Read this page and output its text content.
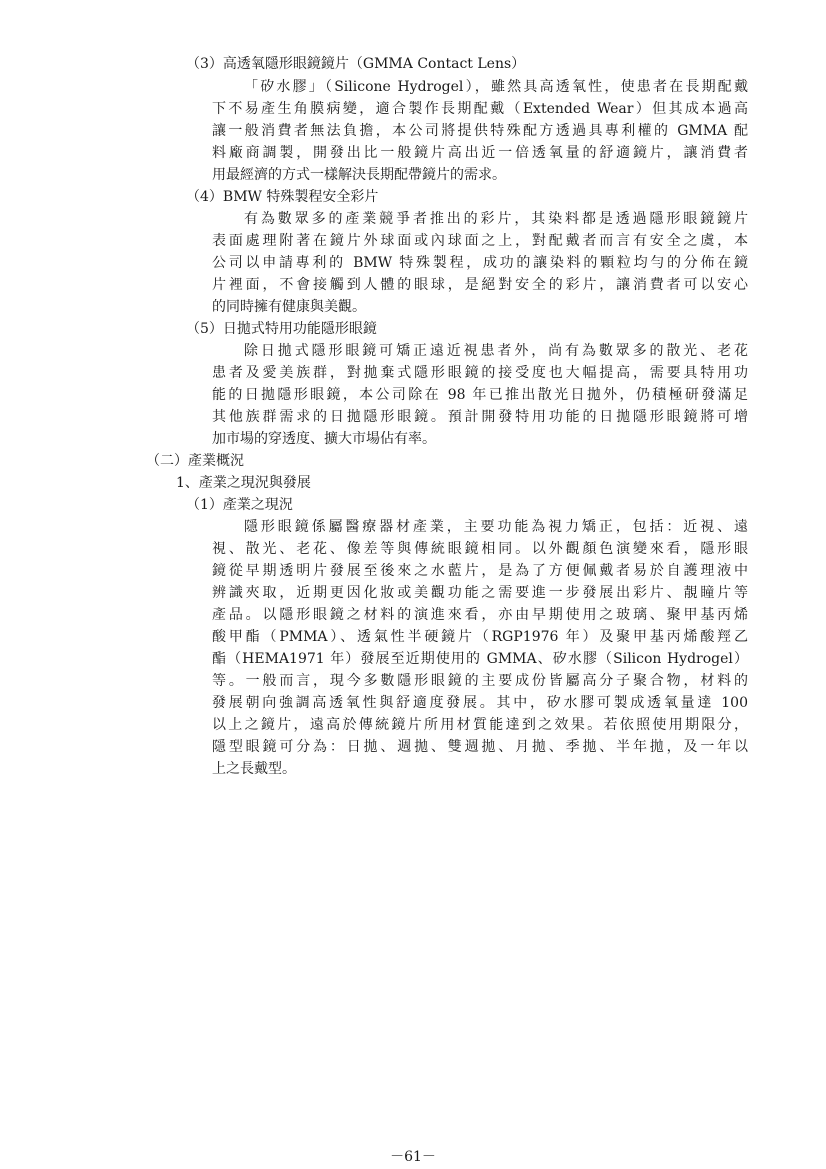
（3）高透氧隱形眼鏡鏡片（GMMA Contact Lens）
「矽水膠」（Silicone Hydrogel），雖然具高透氧性，使患者在長期配戴
下不易產生角膜病變，適合製作長期配戴（Extended Wear）但其成本過高
讓一般消費者無法負擔，本公司將提供特殊配方透過具專利權的 GMMA 配
料廠商調製，開發出比一般鏡片高出近一倍透氧量的舒適鏡片，讓消費者
用最經濟的方式一樣解決長期配帶鏡片的需求。
（4）BMW 特殊製程安全彩片
有為數眾多的產業競爭者推出的彩片，其染料都是透過隱形眼鏡鏡片
表面處理附著在鏡片外球面或內球面之上，對配戴者而言有安全之虞，本
公司以申請專利的 BMW 特殊製程，成功的讓染料的顆粒均勻的分佈在鏡
片裡面，不會接觸到人體的眼球，是絕對安全的彩片，讓消費者可以安心
的同時擁有健康與美觀。
（5）日拋式特用功能隱形眼鏡
除日拋式隱形眼鏡可矯正遠近視患者外，尚有為數眾多的散光、老花
患者及愛美族群，對拋棄式隱形眼鏡的接受度也大幅提高，需要具特用功
能的日拋隱形眼鏡，本公司除在 98 年已推出散光日拋外，仍積極研發滿足
其他族群需求的日拋隱形眼鏡。預計開發特用功能的日拋隱形眼鏡將可增
加市場的穿透度、擴大市場佔有率。
（二）產業概況
1、產業之現況與發展
（1）產業之現況
隱形眼鏡係屬醫療器材產業，主要功能為視力矯正，包括：近視、遠
視、散光、老花、像差等與傳統眼鏡相同。以外觀顏色演變來看，隱形眼
鏡從早期透明片發展至後來之水藍片，是為了方便佩戴者易於自護理液中
辨識夾取，近期更因化妝或美觀功能之需要進一步發展出彩片、靚瞳片等
產品。以隱形眼鏡之材料的演進來看，亦由早期使用之玻璃、聚甲基丙烯
酸甲酯（PMMA）、透氣性半硬鏡片（RGP1976 年）及聚甲基丙烯酸羥乙
酯（HEMA1971 年）發展至近期使用的 GMMA、矽水膠（Silicon Hydrogel）
等。一般而言，現今多數隱形眼鏡的主要成份皆屬高分子聚合物，材料的
發展朝向強調高透氧性與舒適度發展。其中，矽水膠可製成透氧量達 100
以上之鏡片，遠高於傳統鏡片所用材質能達到之效果。若依照使用期限分，
隱型眼鏡可分為：日拋、週拋、雙週拋、月拋、季拋、半年拋，及一年以
上之長戴型。
－61－
